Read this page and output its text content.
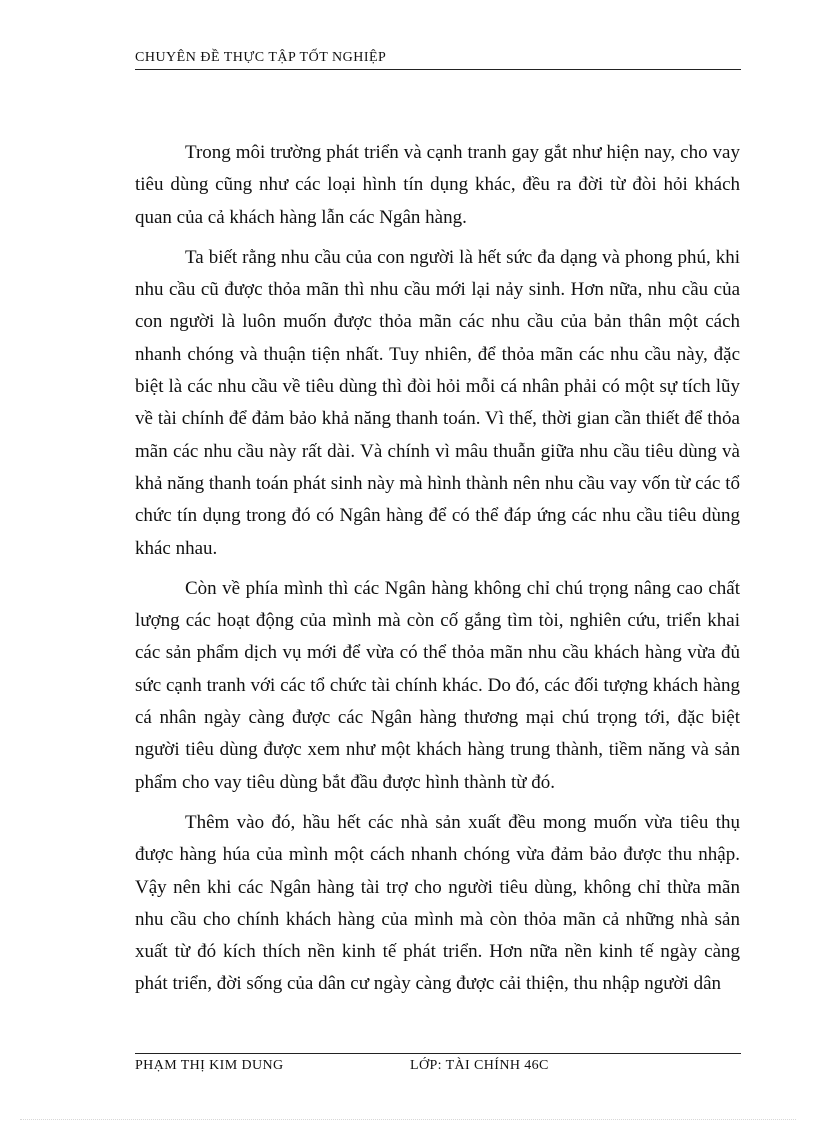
CHUYÊN ĐỀ THỰC TẬP TỐT NGHIỆP

Trong môi trường phát triển và cạnh tranh gay gắt như hiện nay, cho vay tiêu dùng cũng như các loại hình tín dụng khác, đều ra đời từ đòi hỏi khách quan của cả khách hàng lẫn các Ngân hàng.

Ta biết rằng nhu cầu của con người là hết sức đa dạng và phong phú, khi nhu cầu cũ được thỏa mãn thì nhu cầu mới lại nảy sinh. Hơn nữa, nhu cầu của con người là luôn muốn được thỏa mãn các nhu cầu của bản thân một cách nhanh chóng và thuận tiện nhất. Tuy nhiên, để thỏa mãn các nhu cầu này, đặc biệt là các nhu cầu về tiêu dùng thì đòi hỏi mỗi cá nhân phải có một sự tích lũy về tài chính để đảm bảo khả năng thanh toán. Vì thế, thời gian cần thiết để thỏa mãn các nhu cầu này rất dài. Và chính vì mâu thuẫn giữa nhu cầu tiêu dùng và khả năng thanh toán phát sinh này mà hình thành nên nhu cầu vay vốn từ các tổ chức tín dụng trong đó có Ngân hàng để có thể đáp ứng các nhu cầu tiêu dùng khác nhau.

Còn về phía mình thì các Ngân hàng không chỉ chú trọng nâng cao chất lượng các hoạt động của mình mà còn cố gắng tìm tòi, nghiên cứu, triển khai các sản phẩm dịch vụ mới để vừa có thể thỏa mãn nhu cầu khách hàng vừa đủ sức cạnh tranh với các tổ chức tài chính khác. Do đó, các đối tượng khách hàng cá nhân ngày càng được các Ngân hàng thương mại chú trọng tới, đặc biệt người tiêu dùng được xem như một khách hàng trung thành, tiềm năng và sản phẩm cho vay tiêu dùng bắt đầu được hình thành từ đó.

Thêm vào đó, hầu hết các nhà sản xuất đều mong muốn vừa tiêu thụ được hàng húa của mình một cách nhanh chóng vừa đảm bảo được thu nhập. Vậy nên khi các Ngân hàng tài trợ cho người tiêu dùng, không chỉ thừa mãn nhu cầu cho chính khách hàng của mình mà còn thỏa mãn cả những nhà sản xuất từ đó kích thích nền kinh tế phát triển. Hơn nữa nền kinh tế ngày càng phát triển, đời sống của dân cư ngày càng được cải thiện, thu nhập người dân

PHẠM THỊ KIM DUNG	LỚP: TÀI CHÍNH 46C
